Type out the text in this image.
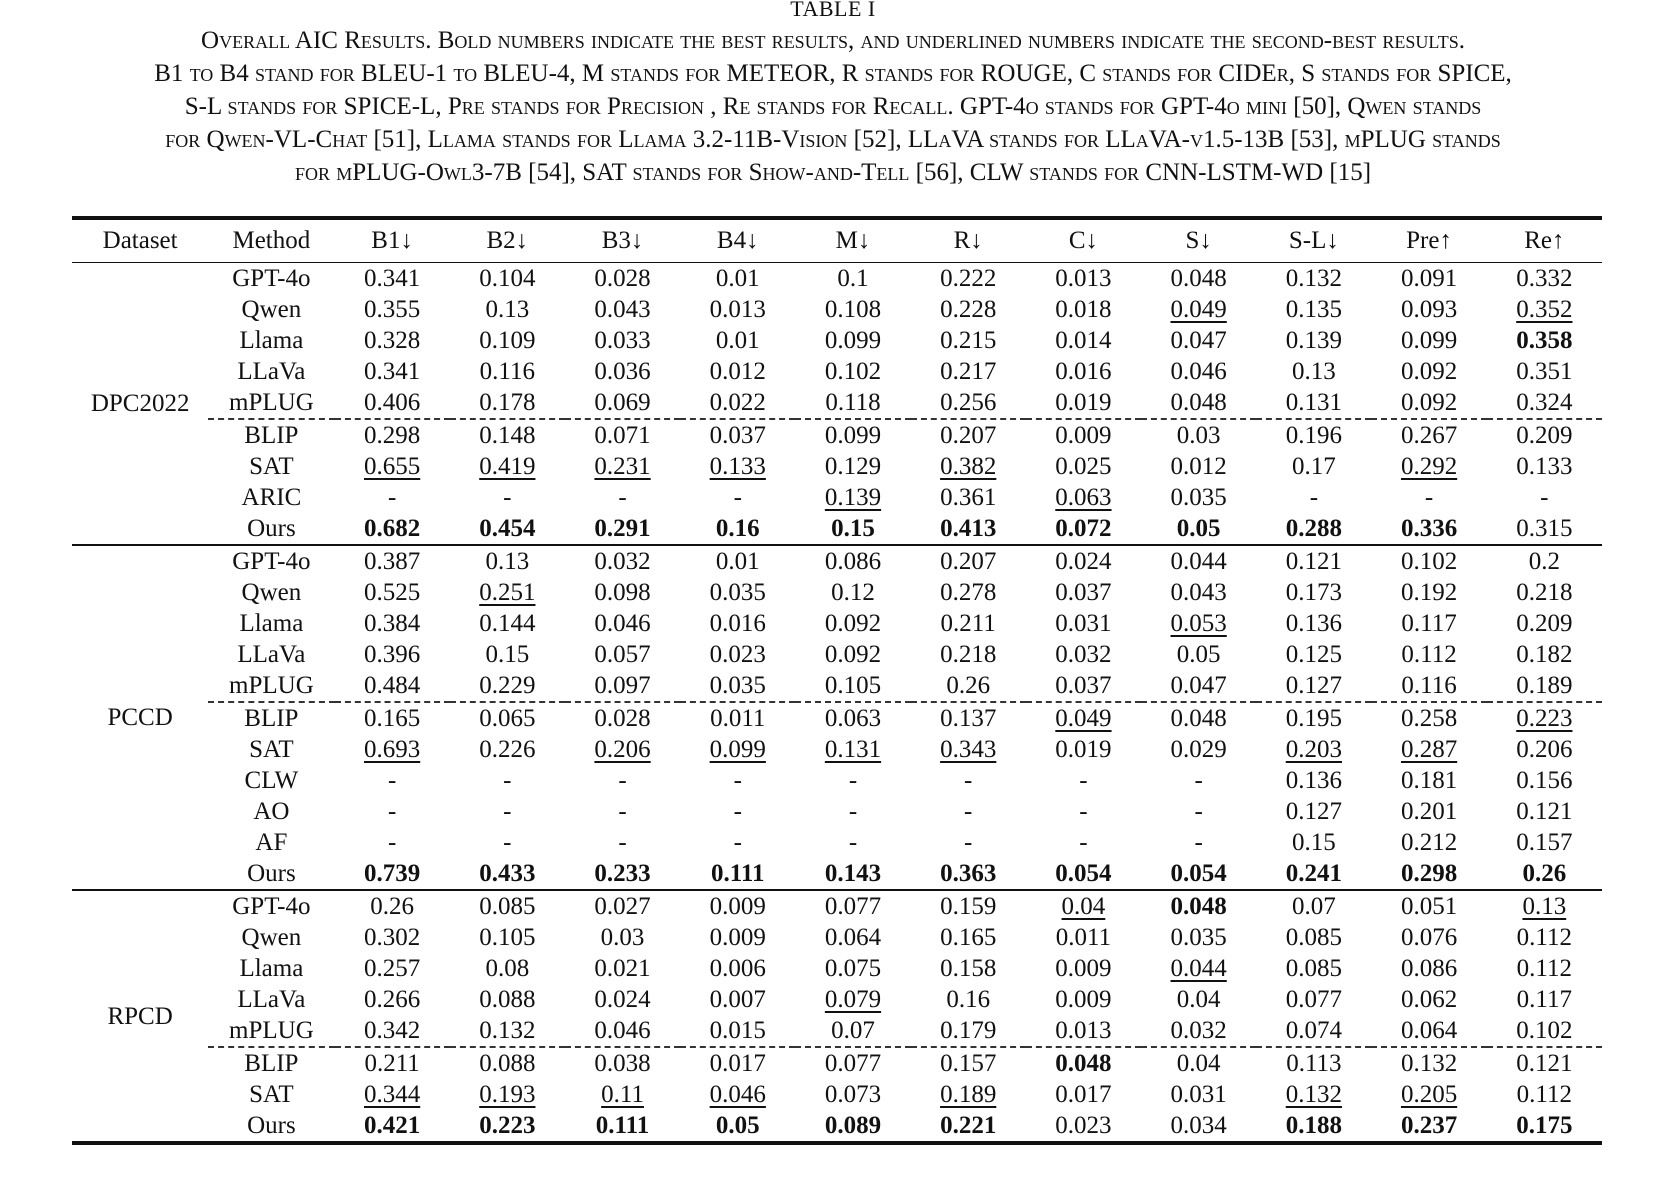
TABLE I

Overall AIC Results. Bold numbers indicate the best results, and underlined numbers indicate the second-best results.

B1 to B4 stand for BLEU-1 to BLEU-4, M stands for METEOR, R stands for ROUGE, C stands for CIDEr, S stands for SPICE,

S-L stands for SPICE-L, Pre stands for Precision , Re stands for Recall. GPT-4o stands for GPT-4o mini [50], Qwen stands

for Qwen-VL-Chat [51], Llama stands for Llama 3.2-11B-Vision [52], LLaVA stands for LLaVA-v1.5-13B [53], mPLUG stands

for mPLUG-Owl3-7B [54], SAT stands for Show-and-Tell [56], CLW stands for CNN-LSTM-WD [15]

Dataset	Method	B1↓	B2↓	B3↓	B4↓	M↓	R↓	C↓	S↓	S-L↓	Pre↑	Re↑
DPC2022	GPT-4o	0.341	0.104	0.028	0.01	0.1	0.222	0.013	0.048	0.132	0.091	0.332
	Qwen	0.355	0.13	0.043	0.013	0.108	0.228	0.018	0.049	0.135	0.093	0.352
	Llama	0.328	0.109	0.033	0.01	0.099	0.215	0.014	0.047	0.139	0.099	0.358
	LLaVa	0.341	0.116	0.036	0.012	0.102	0.217	0.016	0.046	0.13	0.092	0.351
	mPLUG	0.406	0.178	0.069	0.022	0.118	0.256	0.019	0.048	0.131	0.092	0.324
	BLIP	0.298	0.148	0.071	0.037	0.099	0.207	0.009	0.03	0.196	0.267	0.209
	SAT	0.655	0.419	0.231	0.133	0.129	0.382	0.025	0.012	0.17	0.292	0.133
	ARIC	-	-	-	-	0.139	0.361	0.063	0.035	-	-	-
	Ours	0.682	0.454	0.291	0.16	0.15	0.413	0.072	0.05	0.288	0.336	0.315
PCCD	GPT-4o	0.387	0.13	0.032	0.01	0.086	0.207	0.024	0.044	0.121	0.102	0.2
	Qwen	0.525	0.251	0.098	0.035	0.12	0.278	0.037	0.043	0.173	0.192	0.218
	Llama	0.384	0.144	0.046	0.016	0.092	0.211	0.031	0.053	0.136	0.117	0.209
	LLaVa	0.396	0.15	0.057	0.023	0.092	0.218	0.032	0.05	0.125	0.112	0.182
	mPLUG	0.484	0.229	0.097	0.035	0.105	0.26	0.037	0.047	0.127	0.116	0.189
	BLIP	0.165	0.065	0.028	0.011	0.063	0.137	0.049	0.048	0.195	0.258	0.223
	SAT	0.693	0.226	0.206	0.099	0.131	0.343	0.019	0.029	0.203	0.287	0.206
	CLW	-	-	-	-	-	-	-	-	0.136	0.181	0.156
	AO	-	-	-	-	-	-	-	-	0.127	0.201	0.121
	AF	-	-	-	-	-	-	-	-	0.15	0.212	0.157
	Ours	0.739	0.433	0.233	0.111	0.143	0.363	0.054	0.054	0.241	0.298	0.26
RPCD	GPT-4o	0.26	0.085	0.027	0.009	0.077	0.159	0.04	0.048	0.07	0.051	0.13
	Qwen	0.302	0.105	0.03	0.009	0.064	0.165	0.011	0.035	0.085	0.076	0.112
	Llama	0.257	0.08	0.021	0.006	0.075	0.158	0.009	0.044	0.085	0.086	0.112
	LLaVa	0.266	0.088	0.024	0.007	0.079	0.16	0.009	0.04	0.077	0.062	0.117
	mPLUG	0.342	0.132	0.046	0.015	0.07	0.179	0.013	0.032	0.074	0.064	0.102
	BLIP	0.211	0.088	0.038	0.017	0.077	0.157	0.048	0.04	0.113	0.132	0.121
	SAT	0.344	0.193	0.11	0.046	0.073	0.189	0.017	0.031	0.132	0.205	0.112
	Ours	0.421	0.223	0.111	0.05	0.089	0.221	0.023	0.034	0.188	0.237	0.175
